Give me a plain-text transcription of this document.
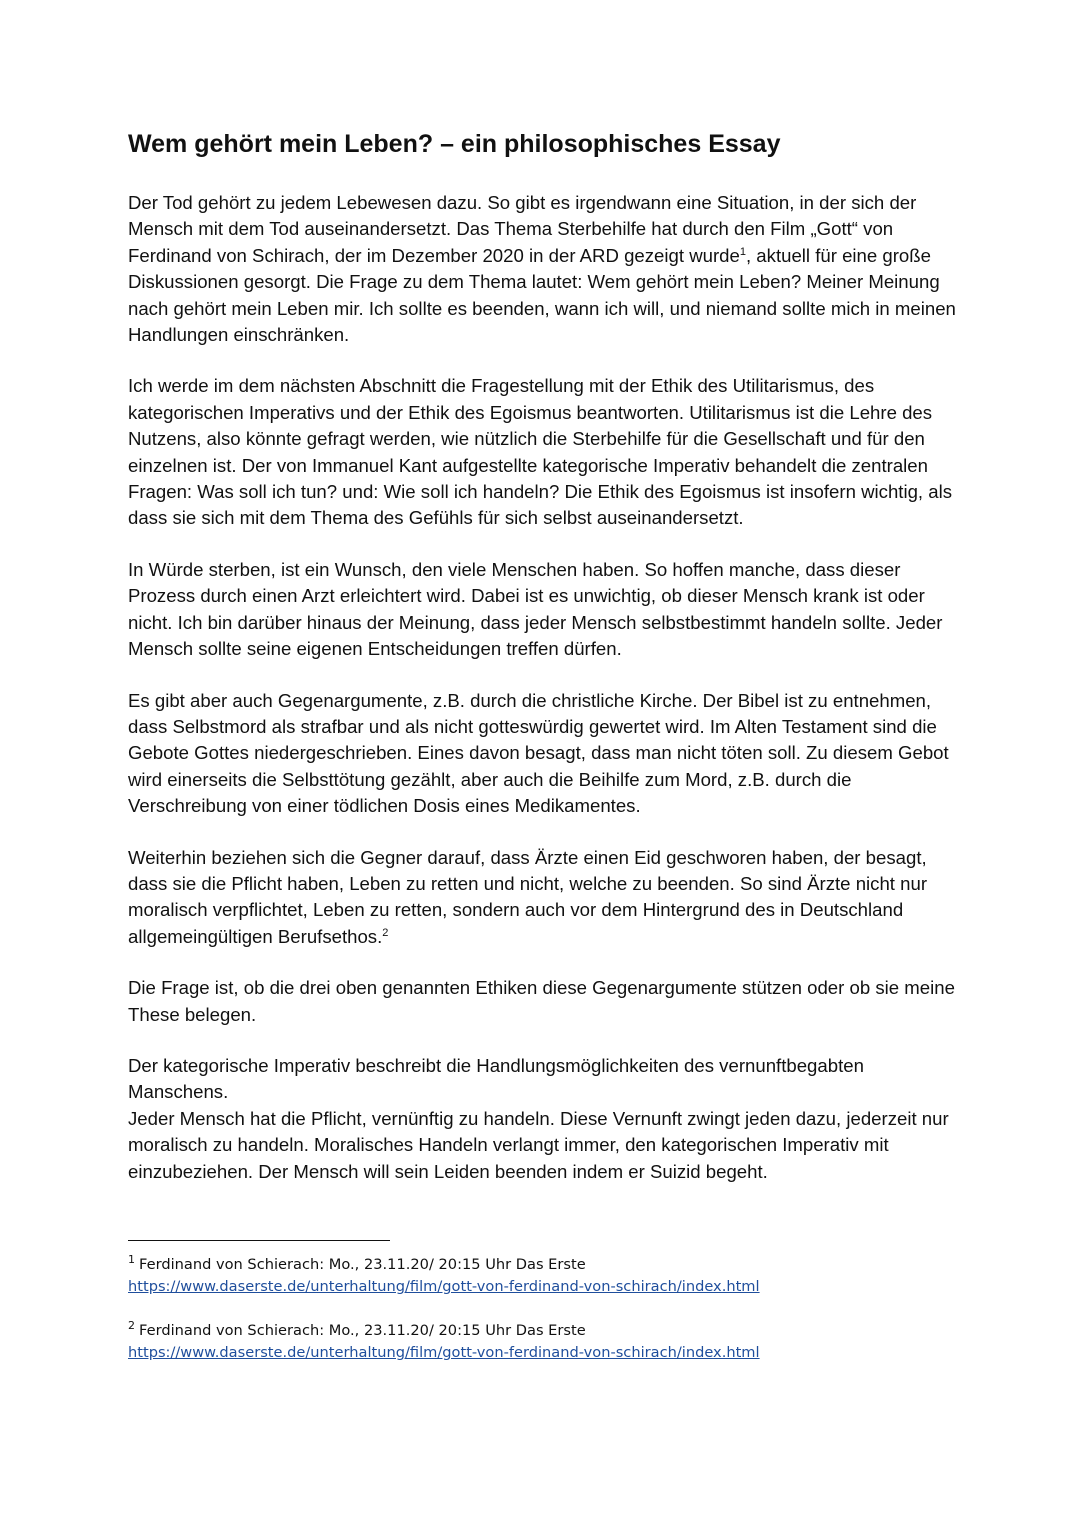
Wem gehört mein Leben? – ein philosophisches Essay

Der Tod gehört zu jedem Lebewesen dazu. So gibt es irgendwann eine Situation, in der sich der Mensch mit dem Tod auseinandersetzt. Das Thema Sterbehilfe hat durch den Film „Gott“ von Ferdinand von Schirach, der im Dezember 2020 in der ARD gezeigt wurde$^1$, aktuell für eine große Diskussionen gesorgt. Die Frage zu dem Thema lautet: Wem gehört mein Leben? Meiner Meinung nach gehört mein Leben mir. Ich sollte es beenden, wann ich will, und niemand sollte mich in meinen Handlungen einschränken.

Ich werde im dem nächsten Abschnitt die Fragestellung mit der Ethik des Utilitarismus, des kategorischen Imperativs und der Ethik des Egoismus beantworten. Utilitarismus ist die Lehre des Nutzens, also könnte gefragt werden, wie nützlich die Sterbehilfe für die Gesellschaft und für den einzelnen ist. Der von Immanuel Kant aufgestellte kategorische Imperativ behandelt die zentralen Fragen: Was soll ich tun? und: Wie soll ich handeln? Die Ethik des Egoismus ist insofern wichtig, als dass sie sich mit dem Thema des Gefühls für sich selbst auseinandersetzt.

In Würde sterben, ist ein Wunsch, den viele Menschen haben. So hoffen manche, dass dieser Prozess durch einen Arzt erleichtert wird. Dabei ist es unwichtig, ob dieser Mensch krank ist oder nicht. Ich bin darüber hinaus der Meinung, dass jeder Mensch selbstbestimmt handeln sollte. Jeder Mensch sollte seine eigenen Entscheidungen treffen dürfen.

Es gibt aber auch Gegenargumente, z.B. durch die christliche Kirche. Der Bibel ist zu entnehmen, dass Selbstmord als strafbar und als nicht gotteswürdig gewertet wird. Im Alten Testament sind die Gebote Gottes niedergeschrieben. Eines davon besagt, dass man nicht töten soll. Zu diesem Gebot wird einerseits die Selbsttötung gezählt, aber auch die Beihilfe zum Mord, z.B. durch die Verschreibung von einer tödlichen Dosis eines Medikamentes.

Weiterhin beziehen sich die Gegner darauf, dass Ärzte einen Eid geschworen haben, der besagt, dass sie die Pflicht haben, Leben zu retten und nicht, welche zu beenden. So sind Ärzte nicht nur moralisch verpflichtet, Leben zu retten, sondern auch vor dem Hintergrund des in Deutschland allgemeingültigen Berufsethos.$^2$

Die Frage ist, ob die drei oben genannten Ethiken diese Gegenargumente stützen oder ob sie meine These belegen.

Der kategorische Imperativ beschreibt die Handlungsmöglichkeiten des vernunftbegabten Manschens.

Jeder Mensch hat die Pflicht, vernünftig zu handeln. Diese Vernunft zwingt jeden dazu, jederzeit nur moralisch zu handeln. Moralisches Handeln verlangt immer, den kategorischen Imperativ mit einzubeziehen. Der Mensch will sein Leiden beenden indem er Suizid begeht.

$^1$ Ferdinand von Schierach: Mo., 23.11.20/ 20:15 Uhr Das Erste
https://www.daserste.de/unterhaltung/film/gott-von-ferdinand-von-schirach/index.html
$^2$ Ferdinand von Schierach: Mo., 23.11.20/ 20:15 Uhr Das Erste
https://www.daserste.de/unterhaltung/film/gott-von-ferdinand-von-schirach/index.html
